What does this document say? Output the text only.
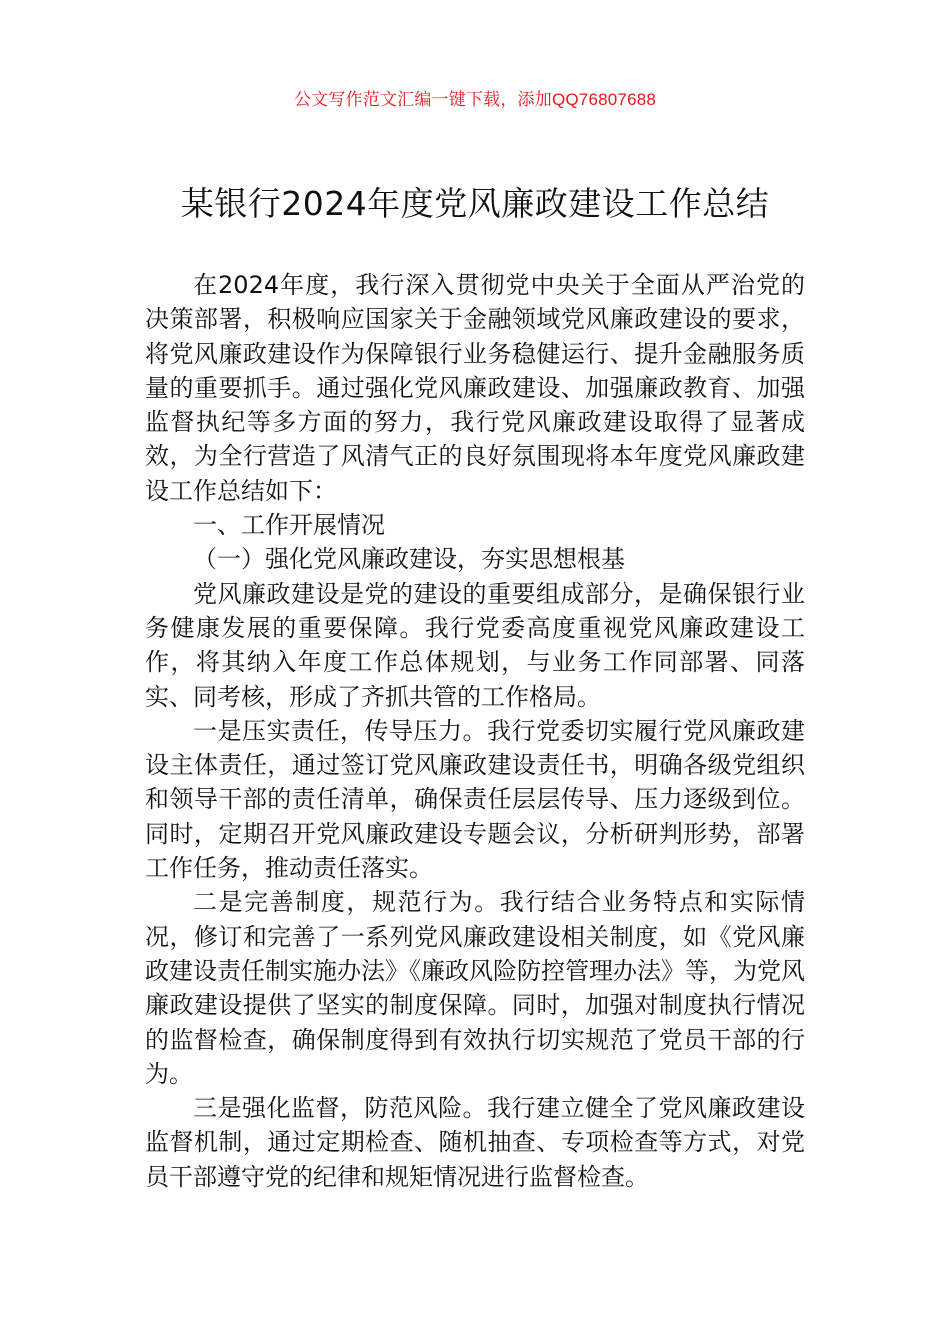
公文写作范文汇编一键下载，添加QQ76807688
某银行2024年度党风廉政建设工作总结

在2024年度，我行深入贯彻党中央关于全面从严治党的决策部署，积极响应国家关于金融领域党风廉政建设的要求，将党风廉政建设作为保障银行业务稳健运行、提升金融服务质量的重要抓手。通过强化党风廉政建设、加强廉政教育、加强监督执纪等多方面的努力，我行党风廉政建设取得了显著成效，为全行营造了风清气正的良好氛围现将本年度党风廉政建设工作总结如下：

一、工作开展情况

（一）强化党风廉政建设，夯实思想根基

党风廉政建设是党的建设的重要组成部分，是确保银行业务健康发展的重要保障。我行党委高度重视党风廉政建设工作，将其纳入年度工作总体规划，与业务工作同部署、同落实、同考核，形成了齐抓共管的工作格局。

一是压实责任，传导压力。我行党委切实履行党风廉政建设主体责任，通过签订党风廉政建设责任书，明确各级党组织和领导干部的责任清单，确保责任层层传导、压力逐级到位。同时，定期召开党风廉政建设专题会议，分析研判形势，部署工作任务，推动责任落实。

二是完善制度，规范行为。我行结合业务特点和实际情况，修订和完善了一系列党风廉政建设相关制度，如《党风廉政建设责任制实施办法》《廉政风险防控管理办法》等，为党风廉政建设提供了坚实的制度保障。同时，加强对制度执行情况的监督检查，确保制度得到有效执行切实规范了党员干部的行为。

三是强化监督，防范风险。我行建立健全了党风廉政建设监督机制，通过定期检查、随机抽查、专项检查等方式，对党员干部遵守党的纪律和规矩情况进行监督检查。
